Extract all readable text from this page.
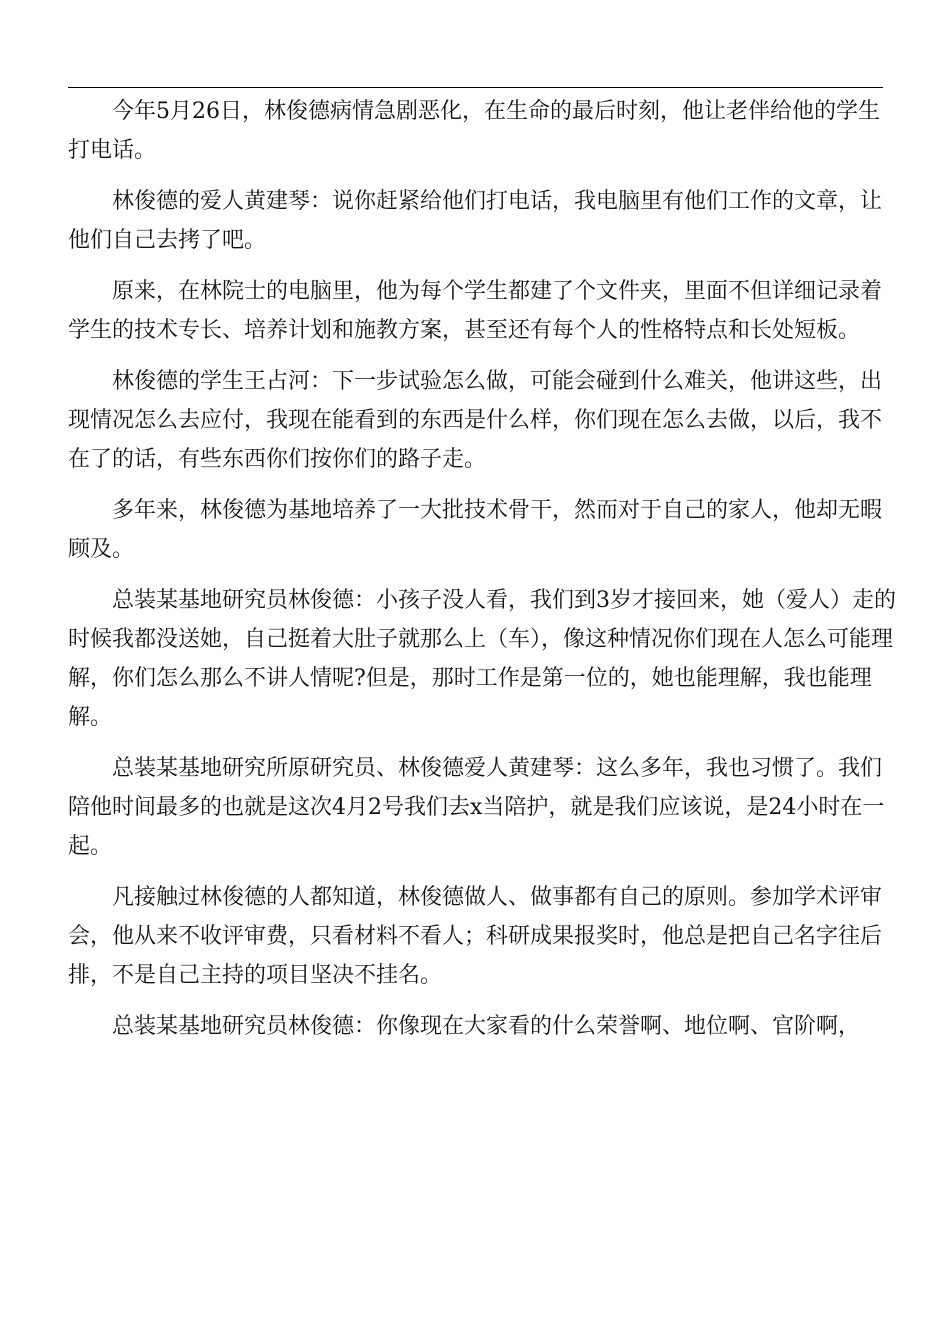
今年5月26日，林俊德病情急剧恶化，在生命的最后时刻，他让老伴给他的学生打电话。

林俊德的爱人黄建琴：说你赶紧给他们打电话，我电脑里有他们工作的文章，让他们自己去拷了吧。

原来，在林院士的电脑里，他为每个学生都建了个文件夹，里面不但详细记录着学生的技术专长、培养计划和施教方案，甚至还有每个人的性格特点和长处短板。

林俊德的学生王占河：下一步试验怎么做，可能会碰到什么难关，他讲这些，出现情况怎么去应付，我现在能看到的东西是什么样，你们现在怎么去做，以后，我不在了的话，有些东西你们按你们的路子走。

多年来，林俊德为基地培养了一大批技术骨干，然而对于自己的家人，他却无暇顾及。

总装某基地研究员林俊德：小孩子没人看，我们到3岁才接回来，她（爱人）走的时候我都没送她，自己挺着大肚子就那么上（车），像这种情况你们现在人怎么可能理解，你们怎么那么不讲人情呢?但是，那时工作是第一位的，她也能理解，我也能理解。

总装某基地研究所原研究员、林俊德爱人黄建琴：这么多年，我也习惯了。我们陪他时间最多的也就是这次4月2号我们去x当陪护，就是我们应该说，是24小时在一起。

凡接触过林俊德的人都知道，林俊德做人、做事都有自己的原则。参加学术评审会，他从来不收评审费，只看材料不看人；科研成果报奖时，他总是把自己名字往后排，不是自己主持的项目坚决不挂名。

总装某基地研究员林俊德：你像现在大家看的什么荣誉啊、地位啊、官阶啊，
